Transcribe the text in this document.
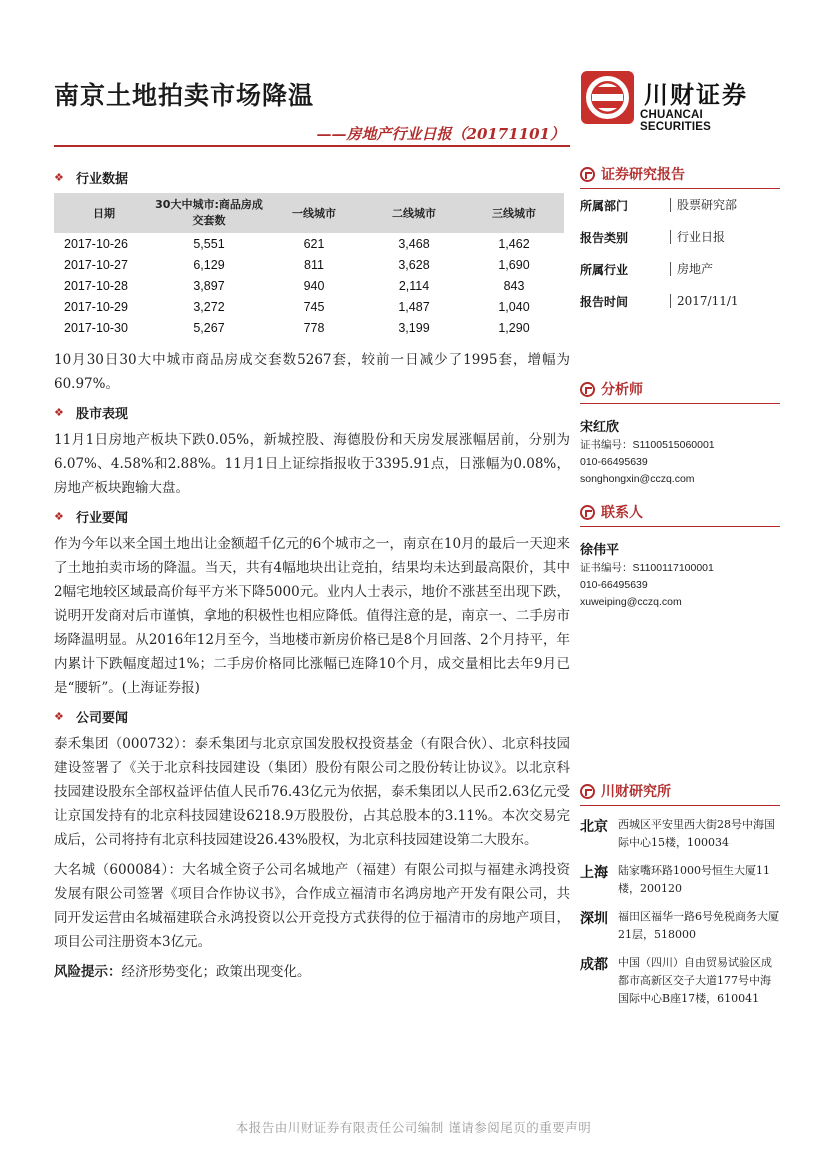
南京土地拍卖市场降温
——房地产行业日报（20171101）
川财证券
CHUANCAI SECURITIES
❖ 行业数据
日期	30大中城市:商品房成交套数	一线城市	二线城市	三线城市
2017-10-26	5,551	621	3,468	1,462
2017-10-27	6,129	811	3,628	1,690
2017-10-28	3,897	940	2,114	843
2017-10-29	3,272	745	1,487	1,040
2017-10-30	5,267	778	3,199	1,290

10月30日30大中城市商品房成交套数5267套，较前一日减少了1995套，增幅为60.97%。

❖ 股市表现

11月1日房地产板块下跌0.05%，新城控股、海德股份和天房发展涨幅居前，分别为6.07%、4.58%和2.88%。11月1日上证综指报收于3395.91点，日涨幅为0.08%，房地产板块跑输大盘。

❖ 行业要闻

作为今年以来全国土地出让金额超千亿元的6个城市之一，南京在10月的最后一天迎来了土地拍卖市场的降温。当天，共有4幅地块出让竞拍，结果均未达到最高限价，其中2幅宅地较区域最高价每平方米下降5000元。业内人士表示，地价不涨甚至出现下跌，说明开发商对后市谨慎，拿地的积极性也相应降低。值得注意的是，南京一、二手房市场降温明显。从2016年12月至今，当地楼市新房价格已是8个月回落、2个月持平，年内累计下跌幅度超过1%；二手房价格同比涨幅已连降10个月，成交量相比去年9月已是“腰斩”。(上海证券报)

❖ 公司要闻

泰禾集团（000732）：泰禾集团与北京京国发股权投资基金（有限合伙）、北京科技园建设签署了《关于北京科技园建设（集团）股份有限公司之股份转让协议》。以北京科技园建设股东全部权益评估值人民币76.43亿元为依据，泰禾集团以人民币2.63亿元受让京国发持有的北京科技园建设6218.9万股股份，占其总股本的3.11%。本次交易完成后，公司将持有北京科技园建设26.43%股权，为北京科技园建设第二大股东。

大名城（600084）：大名城全资子公司名城地产（福建）有限公司拟与福建永鸿投资发展有限公司签署《项目合作协议书》，合作成立福清市名鸿房地产开发有限公司，共同开发运营由名城福建联合永鸿投资以公开竞投方式获得的位于福清市的房地产项目，项目公司注册资本3亿元。

风险提示：经济形势变化；政策出现变化。
证券研究报告
所属部门	股票研究部
报告类别	行业日报
所属行业	房地产
报告时间	2017/11/1
分析师
宋红欣
证书编号：S1100515060001
010-66495639
songhongxin@cczq.com
联系人
徐伟平
证书编号：S1100117100001
010-66495639
xuweiping@cczq.com
川财研究所
北京 西城区平安里西大街28号中海国际中心15楼，100034
上海 陆家嘴环路1000号恒生大厦11楼，200120
深圳 福田区福华一路6号免税商务大厦21层，518000
成都 中国（四川）自由贸易试验区成都市高新区交子大道177号中海国际中心B座17楼，610041
本报告由川财证券有限责任公司编制 谨请参阅尾页的重要声明
